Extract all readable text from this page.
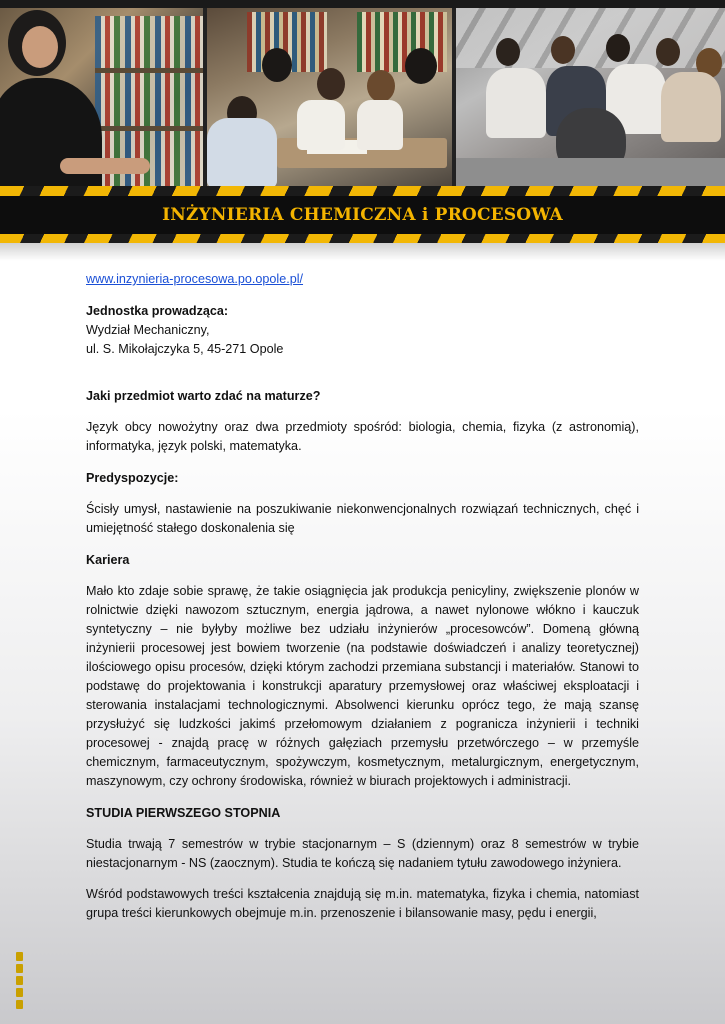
INŻYNIERIA CHEMICZNA i PROCESOWA

www.inzynieria-procesowa.po.opole.pl/

Jednostka prowadząca:

Wydział Mechaniczny,

ul. S. Mikołajczyka 5, 45-271 Opole

Jaki przedmiot warto zdać na maturze?

Język obcy nowożytny oraz dwa przedmioty spośród: biologia, chemia, fizyka (z astronomią), informatyka, język polski, matematyka.

Predyspozycje:

Ścisły umysł, nastawienie na poszukiwanie niekonwencjonalnych rozwiązań technicznych, chęć i umiejętność stałego doskonalenia się

Kariera

Mało kto zdaje sobie sprawę, że takie osiągnięcia jak produkcja penicyliny, zwiększenie plonów w rolnictwie dzięki nawozom sztucznym, energia jądrowa, a nawet nylonowe włókno i kauczuk syntetyczny – nie byłyby możliwe bez udziału inżynierów „procesowców”. Domeną główną inżynierii procesowej jest bowiem tworzenie (na podstawie doświadczeń i analizy teoretycznej) ilościowego opisu procesów, dzięki którym zachodzi przemiana substancji i materiałów. Stanowi to podstawę do projektowania i konstrukcji aparatury przemysłowej oraz właściwej eksploatacji i sterowania instalacjami technologicznymi. Absolwenci kierunku oprócz tego, że mają szansę przysłużyć się ludzkości jakimś przełomowym działaniem z pogranicza inżynierii i techniki procesowej - znajdą pracę w różnych gałęziach przemysłu przetwórczego – w przemyśle chemicznym, farmaceutycznym, spożywczym, kosmetycznym, metalurgicznym, energetycznym, maszynowym, czy ochrony środowiska, również w biurach projektowych i administracji.

STUDIA PIERWSZEGO STOPNIA

Studia trwają 7 semestrów w trybie stacjonarnym – S (dziennym) oraz 8 semestrów w trybie niestacjonarnym - NS (zaocznym). Studia te kończą się nadaniem tytułu zawodowego inżyniera.

Wśród podstawowych treści kształcenia znajdują się m.in. matematyka, fizyka i chemia, natomiast grupa treści kierunkowych obejmuje m.in. przenoszenie i bilansowanie masy, pędu i energii,
